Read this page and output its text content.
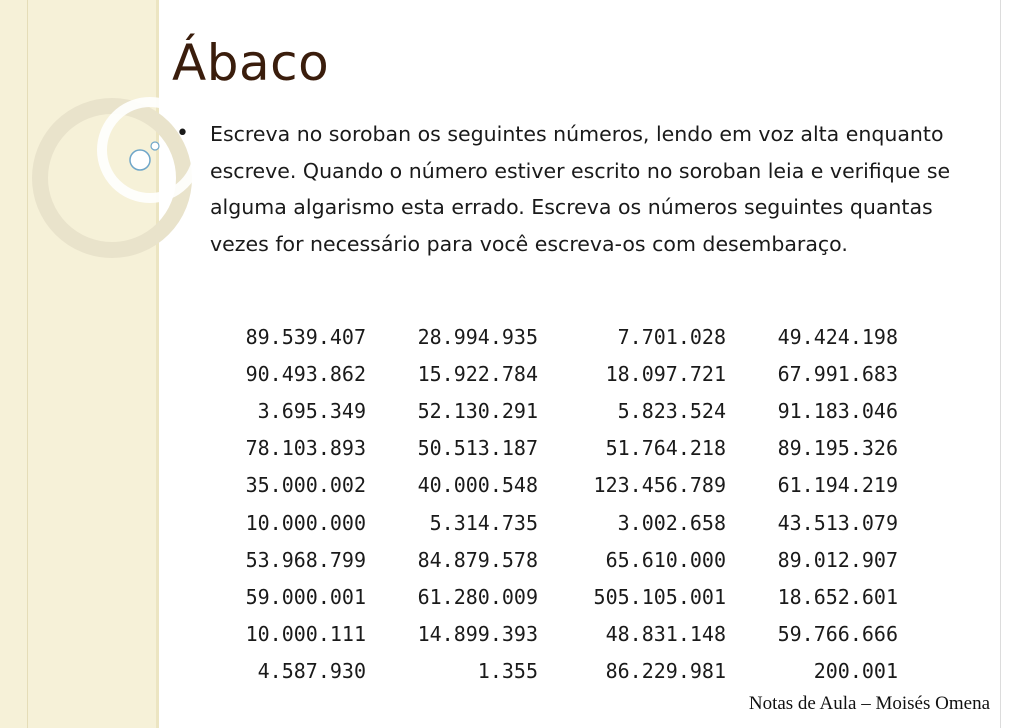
Ábaco
• Escreva no soroban os seguintes números, lendo em voz alta enquanto escreve. Quando o número estiver escrito no soroban leia e verifique se alguma algarismo esta errado. Escreva os números seguintes quantas vezes for necessário para você escreva-os com desembaraço.

89.539.407	28.994.935	7.701.028	49.424.198
90.493.862	15.922.784	18.097.721	67.991.683
3.695.349	52.130.291	5.823.524	91.183.046
78.103.893	50.513.187	51.764.218	89.195.326
35.000.002	40.000.548	123.456.789	61.194.219
10.000.000	5.314.735	3.002.658	43.513.079
53.968.799	84.879.578	65.610.000	89.012.907
59.000.001	61.280.009	505.105.001	18.652.601
10.000.111	14.899.393	48.831.148	59.766.666
4.587.930	1.355	86.229.981	200.001
Notas de Aula – Moisés Omena
